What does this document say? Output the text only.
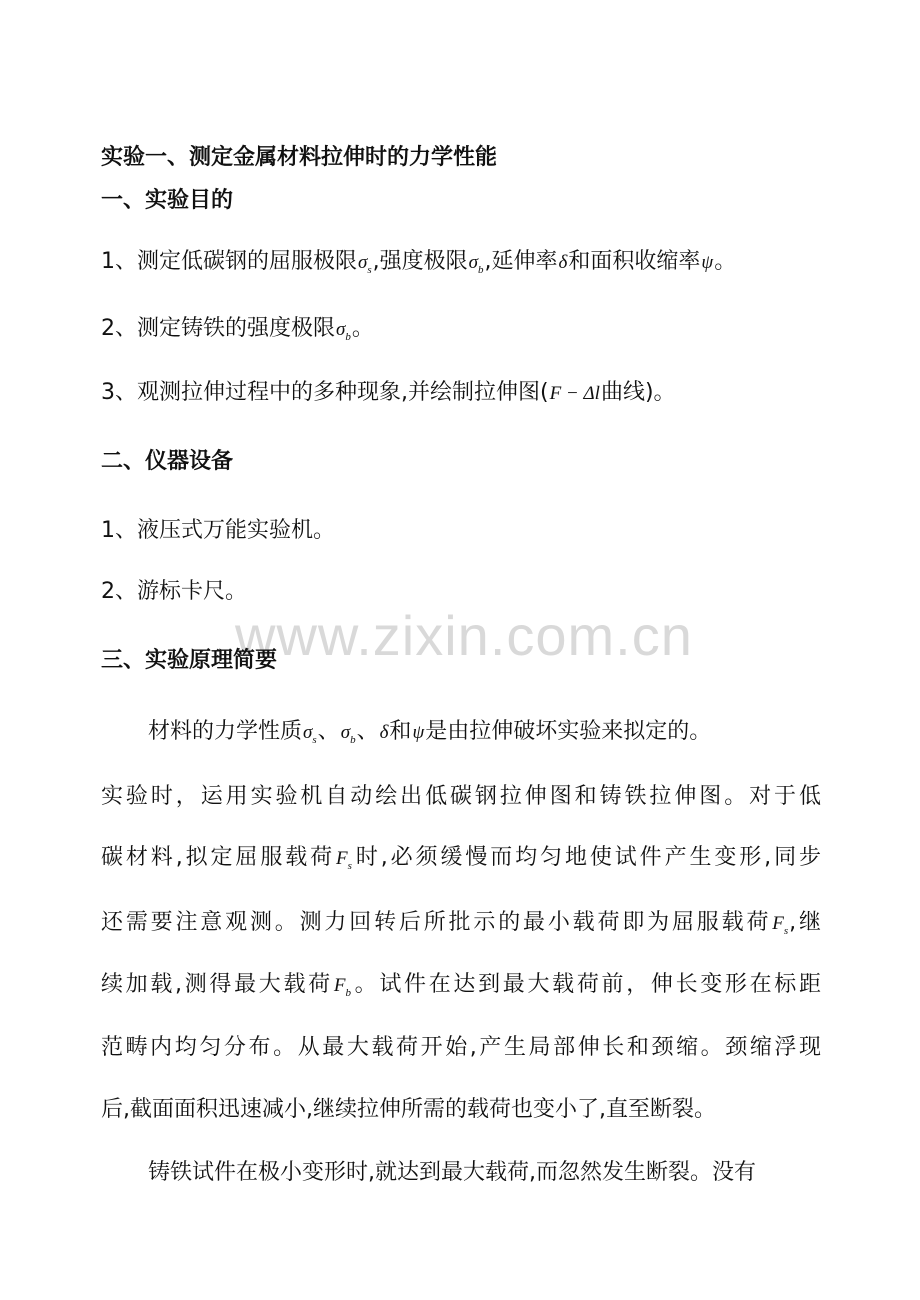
www.zixin.com.cn
实验一、测定金属材料拉伸时的力学性能
一、实验目的
1、测定低碳钢的屈服极限$\sigma_s$,强度极限$\sigma_b$,延伸率δ和面积收缩率ψ。
2、测定铸铁的强度极限$\sigma_b$。
3、观测拉伸过程中的多种现象,并绘制拉伸图(F − Δl曲线)。
二、仪器设备
1、液压式万能实验机。
2、游标卡尺。
三、实验原理简要
材料的力学性质$\sigma_s$、$\sigma_b$、δ和ψ是由拉伸破坏实验来拟定的。
实验时，运用实验机自动绘出低碳钢拉伸图和铸铁拉伸图。对于低
碳材料,拟定屈服载荷$F_s$时,必须缓慢而均匀地使试件产生变形,同步
还需要注意观测。测力回转后所批示的最小载荷即为屈服载荷$F_s$,继
续加载,测得最大载荷$F_b$。试件在达到最大载荷前，伸长变形在标距
范畴内均匀分布。从最大载荷开始,产生局部伸长和颈缩。颈缩浮现
后,截面面积迅速减小,继续拉伸所需的载荷也变小了,直至断裂。
铸铁试件在极小变形时,就达到最大载荷,而忽然发生断裂。没有
